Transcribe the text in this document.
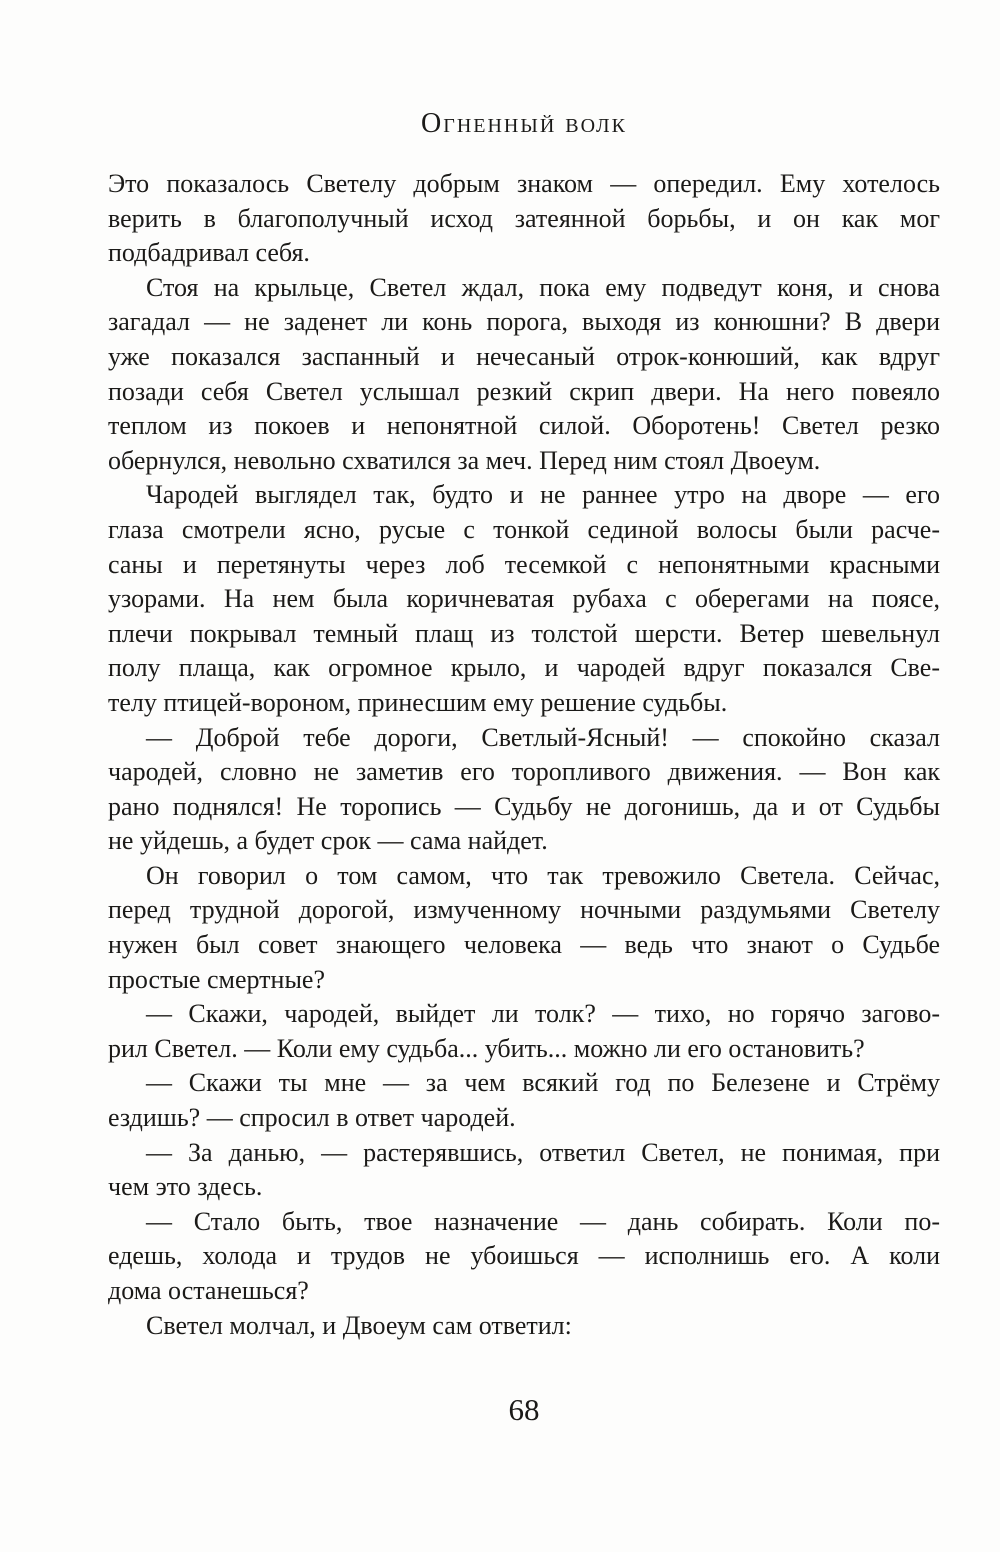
Огненный волк
Это показалось Светелу добрым знаком — опередил. Ему хотелось
верить в благополучный исход затеянной борьбы, и он как мог
подбадривал себя.
Стоя на крыльце, Светел ждал, пока ему подведут коня, и снова
загадал — не заденет ли конь порога, выходя из конюшни? В двери
уже показался заспанный и нечесаный отрок-конюший, как вдруг
позади себя Светел услышал резкий скрип двери. На него повеяло
теплом из покоев и непонятной силой. Оборотень! Светел резко
обернулся, невольно схватился за меч. Перед ним стоял Двоеум.
Чародей выглядел так, будто и не раннее утро на дворе — его
глаза смотрели ясно, русые с тонкой сединой волосы были расче-
саны и перетянуты через лоб тесемкой с непонятными красными
узорами. На нем была коричневатая рубаха с оберегами на поясе,
плечи покрывал темный плащ из толстой шерсти. Ветер шевельнул
полу плаща, как огромное крыло, и чародей вдруг показался Све-
телу птицей-вороном, принесшим ему решение судьбы.
— Доброй тебе дороги, Светлый-Ясный! — спокойно сказал
чародей, словно не заметив его торопливого движения. — Вон как
рано поднялся! Не торопись — Судьбу не догонишь, да и от Судьбы
не уйдешь, а будет срок — сама найдет.
Он говорил о том самом, что так тревожило Светела. Сейчас,
перед трудной дорогой, измученному ночными раздумьями Светелу
нужен был совет знающего человека — ведь что знают о Судьбе
простые смертные?
— Скажи, чародей, выйдет ли толк? — тихо, но горячо загово-
рил Светел. — Коли ему судьба... убить... можно ли его остановить?
— Скажи ты мне — за чем всякий год по Белезене и Стрёму
ездишь? — спросил в ответ чародей.
— За данью, — растерявшись, ответил Светел, не понимая, при
чем это здесь.
— Стало быть, твое назначение — дань собирать. Коли по-
едешь, холода и трудов не убоишься — исполнишь его. А коли
дома останешься?
Светел молчал, и Двоеум сам ответил:
68
